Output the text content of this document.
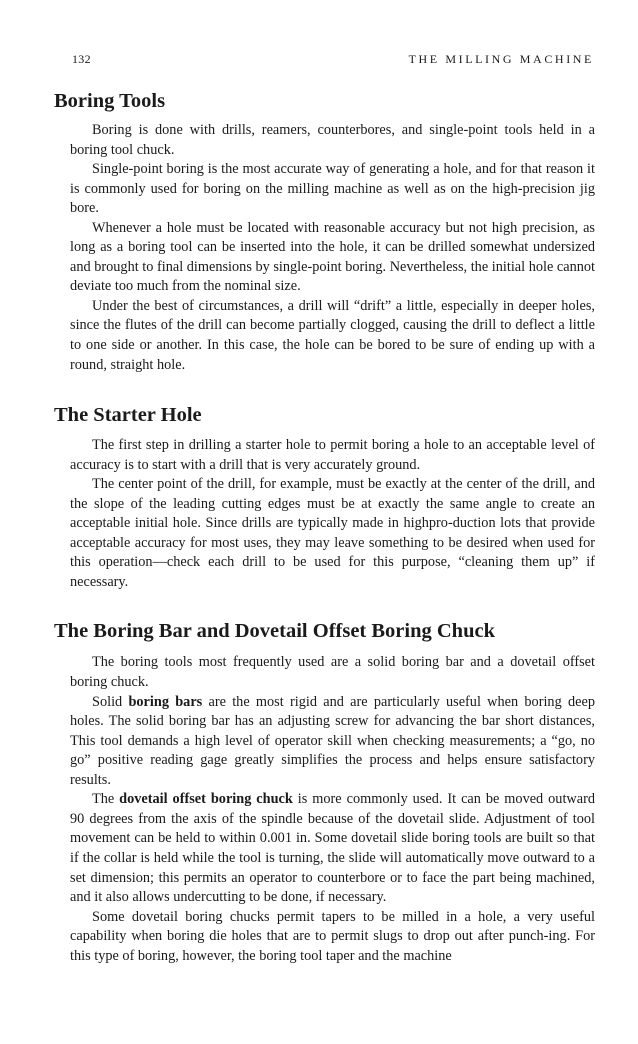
132	THE MILLING MACHINE
Boring Tools

Boring is done with drills, reamers, counterbores, and single-point tools held in a boring tool chuck.

Single-point boring is the most accurate way of generating a hole, and for that reason it is commonly used for boring on the milling machine as well as on the high-precision jig bore.

Whenever a hole must be located with reasonable accuracy but not high precision, as long as a boring tool can be inserted into the hole, it can be drilled somewhat undersized and brought to final dimensions by single-point boring. Nevertheless, the initial hole cannot deviate too much from the nominal size.

Under the best of circumstances, a drill will “drift” a little, especially in deeper holes, since the flutes of the drill can become partially clogged, causing the drill to deflect a little to one side or another. In this case, the hole can be bored to be sure of ending up with a round, straight hole.

The Starter Hole

The first step in drilling a starter hole to permit boring a hole to an acceptable level of accuracy is to start with a drill that is very accurately ground.

The center point of the drill, for example, must be exactly at the center of the drill, and the slope of the leading cutting edges must be at exactly the same angle to create an acceptable initial hole. Since drills are typically made in highpro-duction lots that provide acceptable accuracy for most uses, they may leave something to be desired when used for this operation—check each drill to be used for this purpose, “cleaning them up” if necessary.

The Boring Bar and Dovetail Offset Boring Chuck

The boring tools most frequently used are a solid boring bar and a dovetail offset boring chuck.

Solid boring bars are the most rigid and are particularly useful when boring deep holes. The solid boring bar has an adjusting screw for advancing the bar short distances, This tool demands a high level of operator skill when checking measurements; a “go, no go” positive reading gage greatly simplifies the process and helps ensure satisfactory results.

The dovetail offset boring chuck is more commonly used. It can be moved outward 90 degrees from the axis of the spindle because of the dovetail slide. Adjustment of tool movement can be held to within 0.001 in. Some dovetail slide boring tools are built so that if the collar is held while the tool is turning, the slide will automatically move outward to a set dimension; this permits an operator to counterbore or to face the part being machined, and it also allows undercutting to be done, if necessary.

Some dovetail boring chucks permit tapers to be milled in a hole, a very useful capability when boring die holes that are to permit slugs to drop out after punch-ing. For this type of boring, however, the boring tool taper and the machine
